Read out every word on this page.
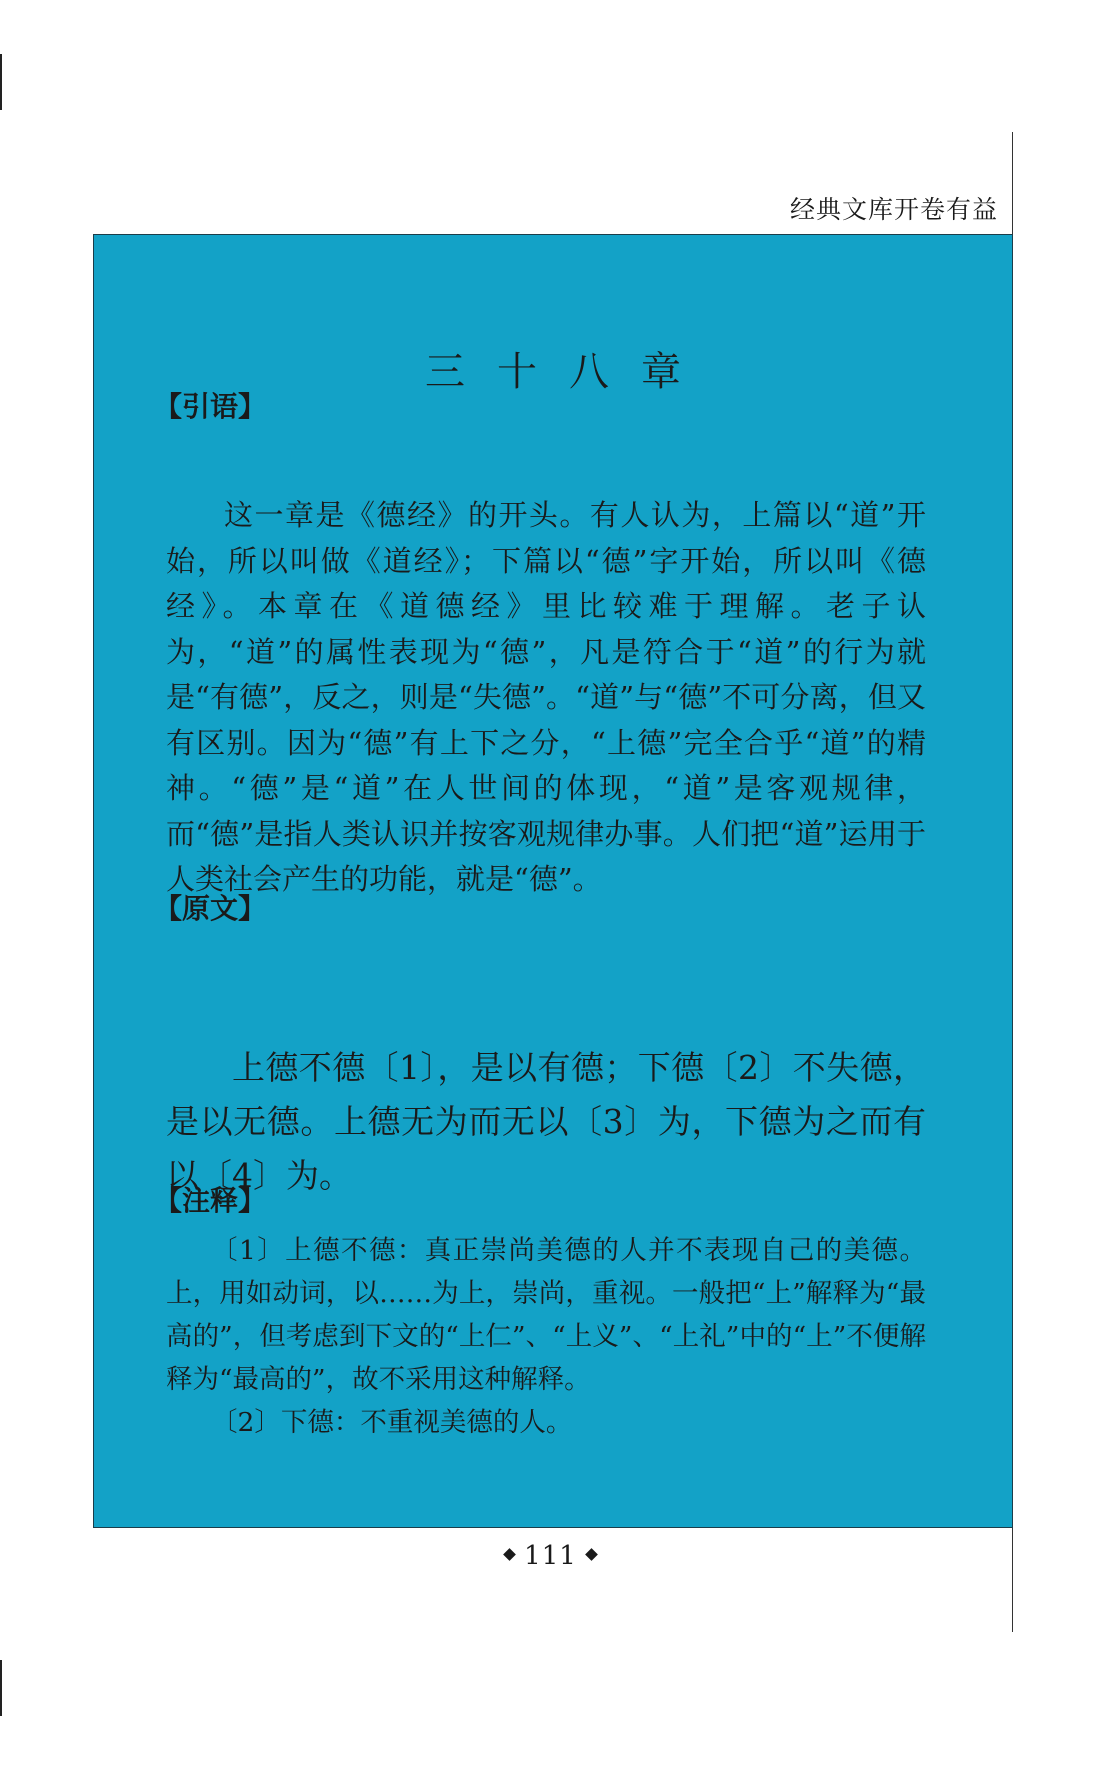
经典文库开卷有益
三十八章
【引语】

这一章是《德经》的开头。有人认为，上篇以“道”开始，所以叫做《道经》；下篇以“德”字开始，所以叫《德经》。本章在《道德经》里比较难于理解。老子认为，“道”的属性表现为“德”，凡是符合于“道”的行为就是“有德”，反之，则是“失德”。“道”与“德”不可分离，但又有区别。因为“德”有上下之分，“上德”完全合乎“道”的精神。“德”是“道”在人世间的体现，“道”是客观规律，而“德”是指人类认识并按客观规律办事。人们把“道”运用于人类社会产生的功能，就是“德”。

【原文】

上德不德〔1〕，是以有德；下德〔2〕不失德，是以无德。上德无为而无以〔3〕为，下德为之而有以〔4〕为。

【注释】

〔1〕上德不德：真正崇尚美德的人并不表现自己的美德。上，用如动词，以……为上，崇尚，重视。一般把“上”解释为“最高的”，但考虑到下文的“上仁”、“上义”、“上礼”中的“上”不便解释为“最高的”，故不采用这种解释。

〔2〕下德：不重视美德的人。

111
